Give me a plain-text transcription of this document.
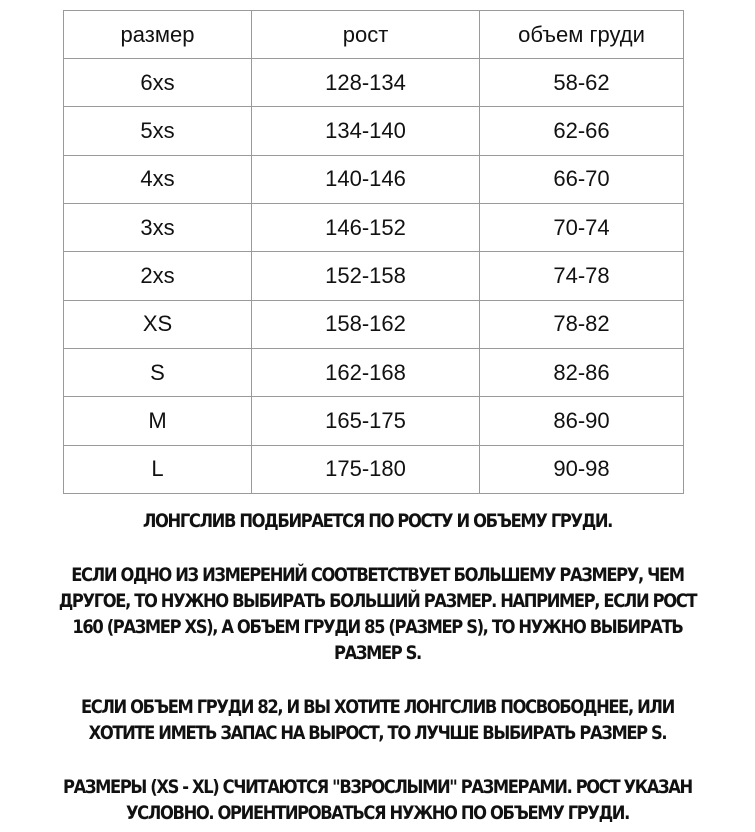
размер	рост	объем груди
6xs	128-134	58-62
5xs	134-140	62-66
4xs	140-146	66-70
3xs	146-152	70-74
2xs	152-158	74-78
XS	158-162	78-82
S	162-168	82-86
M	165-175	86-90
L	175-180	90-98

ЛОНГСЛИВ ПОДБИРАЕТСЯ ПО РОСТУ И ОБЪЕМУ ГРУДИ.

ЕСЛИ ОДНО ИЗ ИЗМЕРЕНИЙ СООТВЕТСТВУЕТ БОЛЬШЕМУ РАЗМЕРУ, ЧЕМ ДРУГОЕ, ТО НУЖНО ВЫБИРАТЬ БОЛЬШИЙ РАЗМЕР. НАПРИМЕР, ЕСЛИ РОСТ 160 (РАЗМЕР XS), А ОБЪЕМ ГРУДИ 85 (РАЗМЕР S), ТО НУЖНО ВЫБИРАТЬ РАЗМЕР S.

ЕСЛИ ОБЪЕМ ГРУДИ 82, И ВЫ ХОТИТЕ ЛОНГСЛИВ ПОСВОБОДНЕЕ, ИЛИ ХОТИТЕ ИМЕТЬ ЗАПАС НА ВЫРОСТ, ТО ЛУЧШЕ ВЫБИРАТЬ РАЗМЕР S.

РАЗМЕРЫ (XS - XL) СЧИТАЮТСЯ "ВЗРОСЛЫМИ" РАЗМЕРАМИ. РОСТ УКАЗАН УСЛОВНО. ОРИЕНТИРОВАТЬСЯ НУЖНО ПО ОБЪЕМУ ГРУДИ.
